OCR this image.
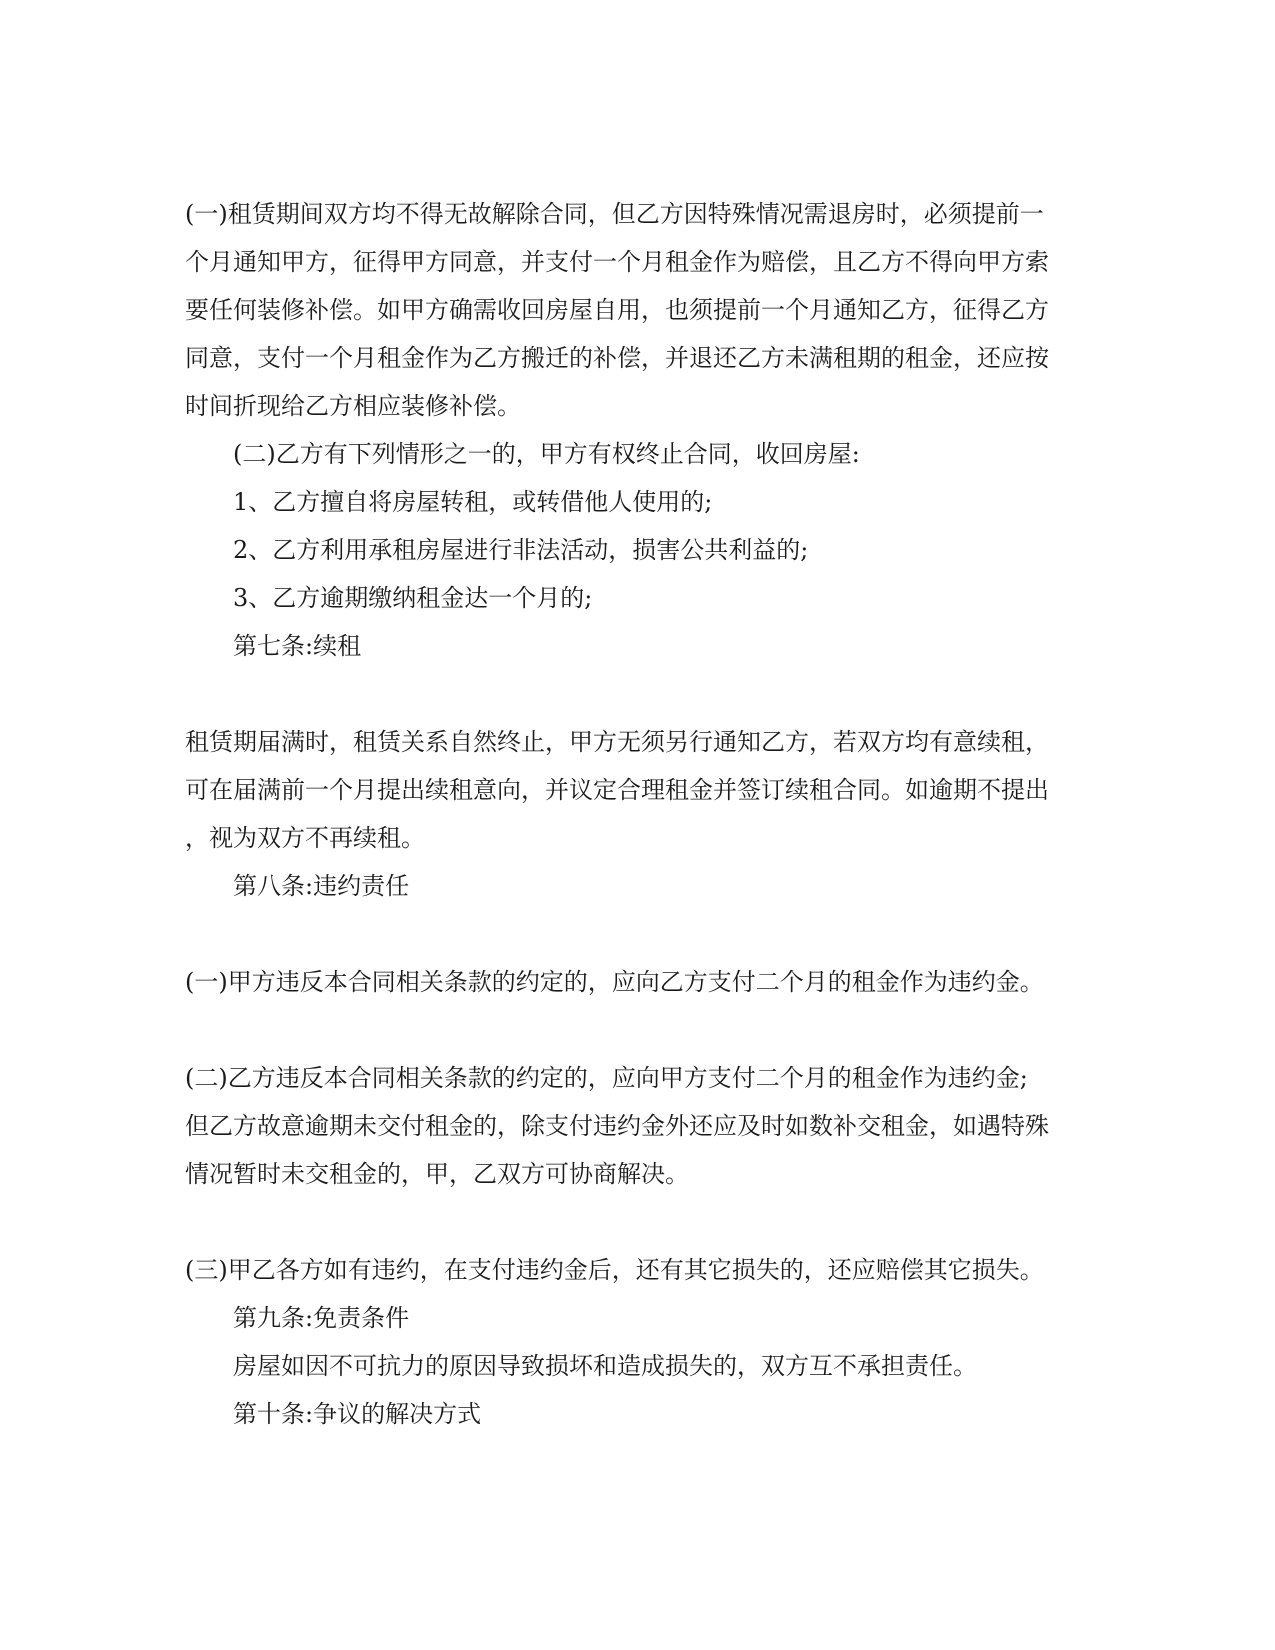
(一)租赁期间双方均不得无故解除合同，但乙方因特殊情况需退房时，必须提前一
个月通知甲方，征得甲方同意，并支付一个月租金作为赔偿，且乙方不得向甲方索
要任何装修补偿。如甲方确需收回房屋自用，也须提前一个月通知乙方，征得乙方
同意，支付一个月租金作为乙方搬迁的补偿，并退还乙方未满租期的租金，还应按
时间折现给乙方相应装修补偿。
(二)乙方有下列情形之一的，甲方有权终止合同，收回房屋:
1、乙方擅自将房屋转租，或转借他人使用的;
2、乙方利用承租房屋进行非法活动，损害公共利益的;
3、乙方逾期缴纳租金达一个月的;
第七条:续租
租赁期届满时，租赁关系自然终止，甲方无须另行通知乙方，若双方均有意续租，
可在届满前一个月提出续租意向，并议定合理租金并签订续租合同。如逾期不提出
，视为双方不再续租。
第八条:违约责任
(一)甲方违反本合同相关条款的约定的，应向乙方支付二个月的租金作为违约金。
(二)乙方违反本合同相关条款的约定的，应向甲方支付二个月的租金作为违约金;
但乙方故意逾期未交付租金的，除支付违约金外还应及时如数补交租金，如遇特殊
情况暂时未交租金的，甲，乙双方可协商解决。
(三)甲乙各方如有违约，在支付违约金后，还有其它损失的，还应赔偿其它损失。
第九条:免责条件
房屋如因不可抗力的原因导致损坏和造成损失的，双方互不承担责任。
第十条:争议的解决方式
